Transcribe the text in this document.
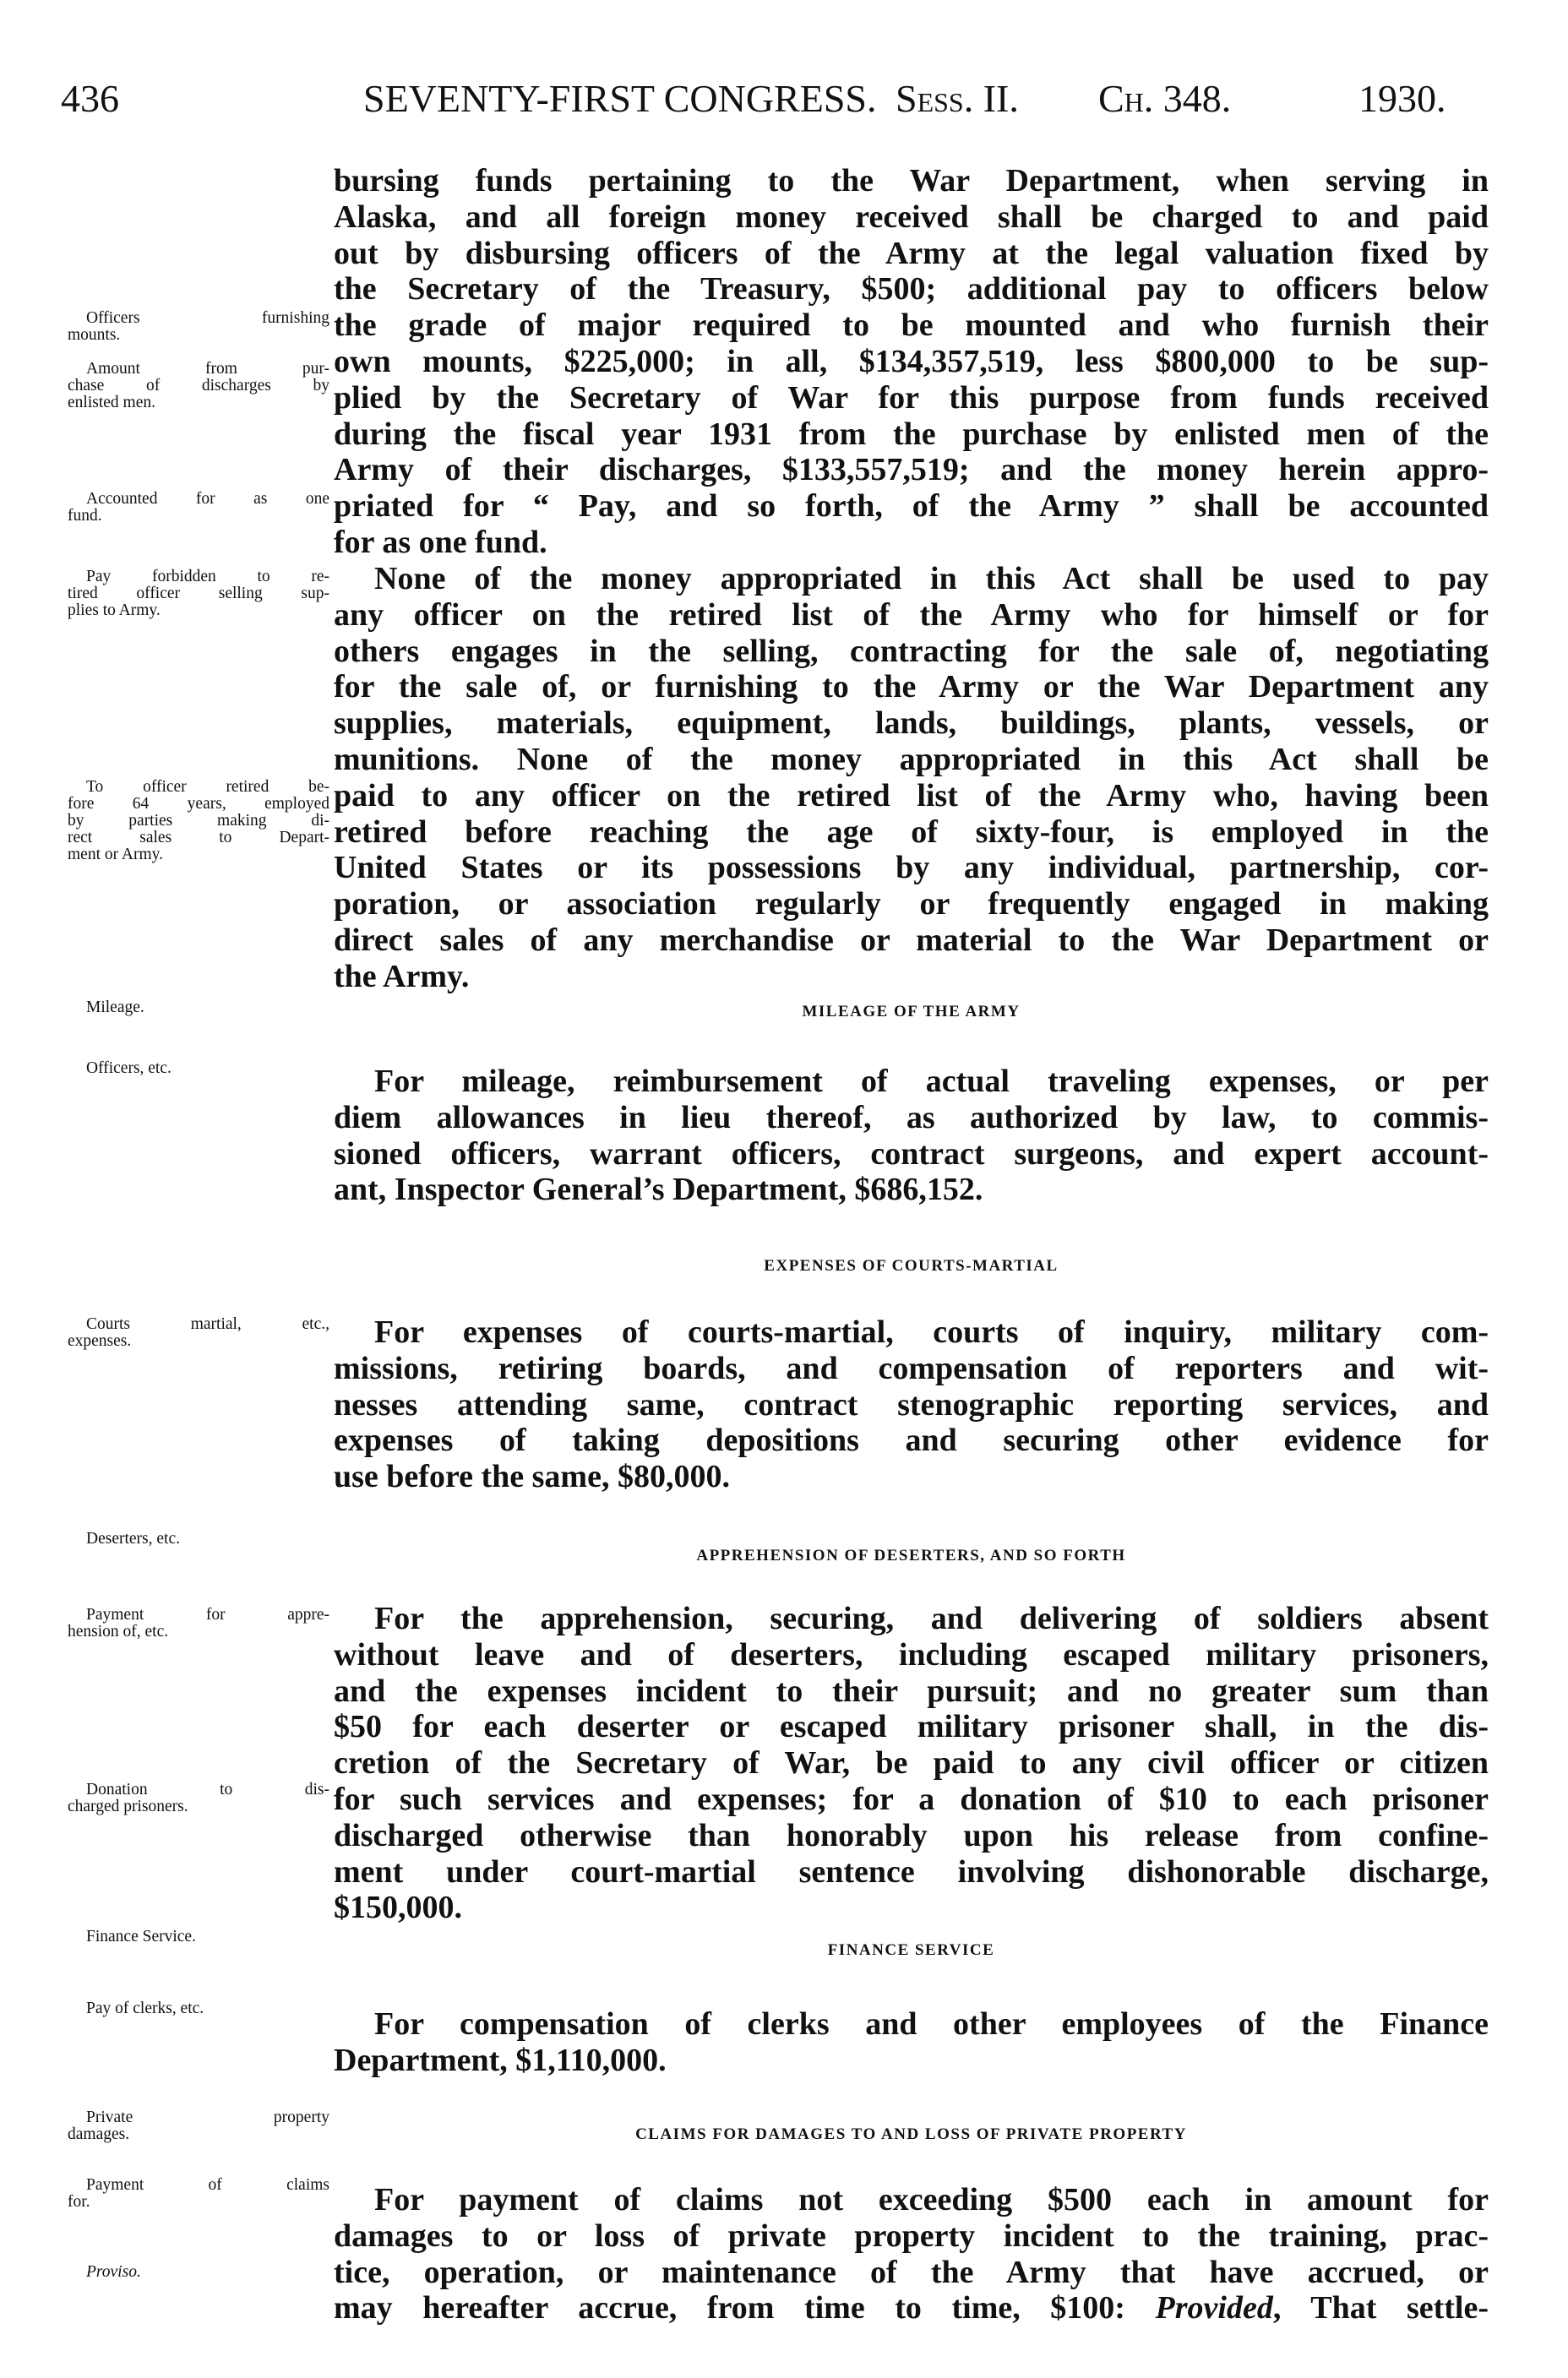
436	SEVENTY-FIRST CONGRESS. Sess. II. Ch. 348.	1930.
bursing funds pertaining to the War Department, when serving in
Alaska, and all foreign money received shall be charged to and paid
out by disbursing officers of the Army at the legal valuation fixed by
the Secretary of the Treasury, $500; additional pay to officers below
the grade of major required to be mounted and who furnish their
own mounts, $225,000; in all, $134,357,519, less $800,000 to be sup-
plied by the Secretary of War for this purpose from funds received
during the fiscal year 1931 from the purchase by enlisted men of the
Army of their discharges, $133,557,519; and the money herein appro-
priated for “ Pay, and so forth, of the Army ” shall be accounted
for as one fund.
None of the money appropriated in this Act shall be used to pay
any officer on the retired list of the Army who for himself or for
others engages in the selling, contracting for the sale of, negotiating
for the sale of, or furnishing to the Army or the War Department any
supplies, materials, equipment, lands, buildings, plants, vessels, or
munitions. None of the money appropriated in this Act shall be
paid to any officer on the retired list of the Army who, having been
retired before reaching the age of sixty-four, is employed in the
United States or its possessions by any individual, partnership, cor-
poration, or association regularly or frequently engaged in making
direct sales of any merchandise or material to the War Department or
the Army.
MILEAGE OF THE ARMY
For mileage, reimbursement of actual traveling expenses, or per
diem allowances in lieu thereof, as authorized by law, to commis-
sioned officers, warrant officers, contract surgeons, and expert account-
ant, Inspector General’s Department, $686,152.
EXPENSES OF COURTS-MARTIAL
For expenses of courts-martial, courts of inquiry, military com-
missions, retiring boards, and compensation of reporters and wit-
nesses attending same, contract stenographic reporting services, and
expenses of taking depositions and securing other evidence for
use before the same, $80,000.
APPREHENSION OF DESERTERS, AND SO FORTH
For the apprehension, securing, and delivering of soldiers absent
without leave and of deserters, including escaped military prisoners,
and the expenses incident to their pursuit; and no greater sum than
$50 for each deserter or escaped military prisoner shall, in the dis-
cretion of the Secretary of War, be paid to any civil officer or citizen
for such services and expenses; for a donation of $10 to each prisoner
discharged otherwise than honorably upon his release from confine-
ment under court-martial sentence involving dishonorable discharge,
$150,000.
FINANCE SERVICE
For compensation of clerks and other employees of the Finance
Department, $1,110,000.
CLAIMS FOR DAMAGES TO AND LOSS OF PRIVATE PROPERTY
For payment of claims not exceeding $500 each in amount for
damages to or loss of private property incident to the training, prac-
tice, operation, or maintenance of the Army that have accrued, or
may hereafter accrue, from time to time, $100: Provided, That settle-
Officers furnishing
mounts.
Amount from pur-
chase of discharges by
enlisted men.
Accounted for as one
fund.
Pay forbidden to re-
tired officer selling sup-
plies to Army.
To officer retired be-
fore 64 years, employed
by parties making di-
rect sales to Depart-
ment or Army.
Mileage.
Officers, etc.
Courts martial, etc.,
expenses.
Deserters, etc.
Payment for appre-
hension of, etc.
Donation to dis-
charged prisoners.
Finance Service.
Pay of clerks, etc.
Private property
damages.
Payment of claims
for.
Proviso.
